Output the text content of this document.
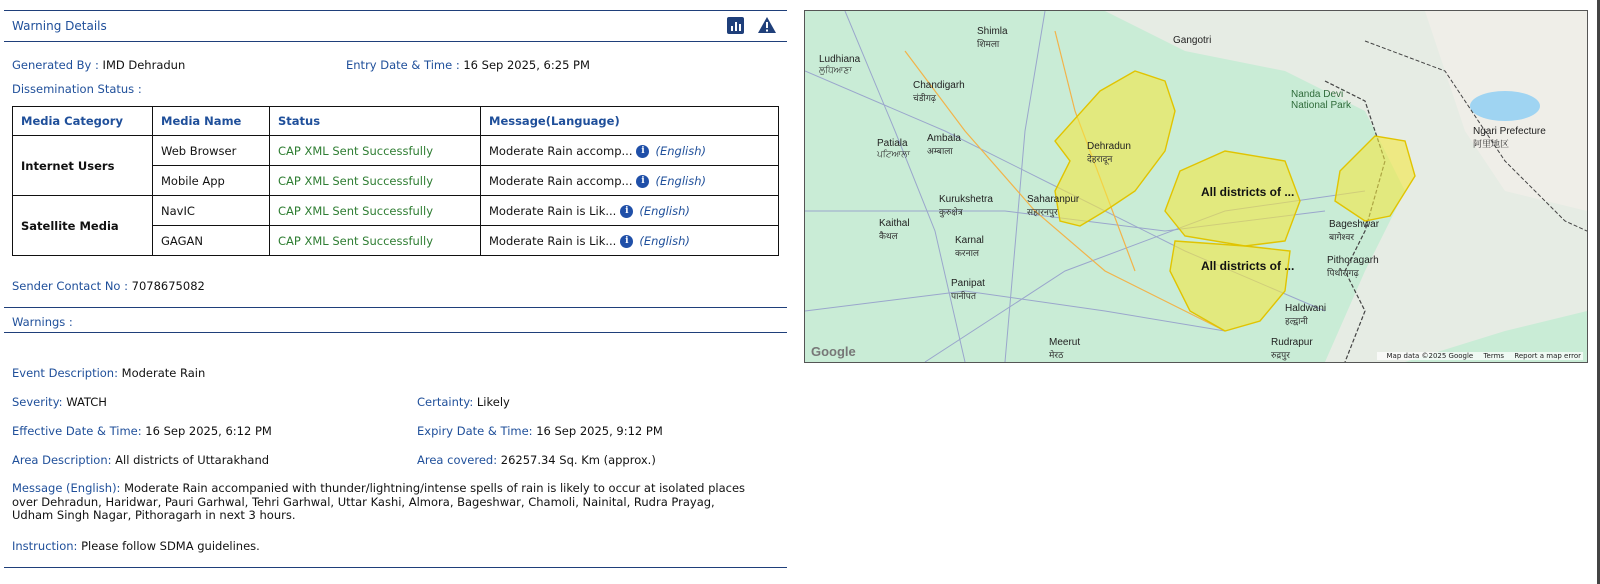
Warning Details
Generated By : IMD Dehradun	Entry Date & Time : 16 Sep 2025, 6:25 PM
Dissemination Status :
Media Category	Media Name	Status	Message(Language)
Internet Users	Web Browser	CAP XML Sent Successfully	Moderate Rain accomp... i (English)
	Mobile App	CAP XML Sent Successfully	Moderate Rain accomp... i (English)
Satellite Media	NavIC	CAP XML Sent Successfully	Moderate Rain is Lik... i (English)
	GAGAN	CAP XML Sent Successfully	Moderate Rain is Lik... i (English)
Sender Contact No : 7078675082
Warnings :
Event Description: Moderate Rain
Severity: WATCH	Certainty: Likely
Effective Date & Time: 16 Sep 2025, 6:12 PM	Expiry Date & Time: 16 Sep 2025, 9:12 PM
Area Description: All districts of Uttarakhand	Area covered: 26257.34 Sq. Km (approx.)
Message (English): Moderate Rain accompanied with thunder/lightning/intense spells of rain is likely to occur at isolated places over Dehradun, Haridwar, Pauri Garhwal, Tehri Garhwal, Uttar Kashi, Almora, Bageshwar, Chamoli, Nainital, Rudra Prayag, Udham Singh Nagar, Pithoragarh in next 3 hours.
Instruction: Please follow SDMA guidelines.
Shimla
शिमला
Ludhiana
ਲੁਧਿਆਣਾ
Chandigarh
चंडीगढ़
Patiala
ਪਟਿਆਲਾ
Ambala
अम्बाला
Kurukshetra
कुरुक्षेत्र
Kaithal
कैथल	Karnal
करनाल
Panipat
पानीपत
Saharanpur
सहारनपुर
Dehradun
देहरादून
Haldwani
हल्द्वानी
Rudrapur
रुद्रपुर
Meerut
मेरठ
Gangotri
Nanda Devi National Park
Ngari Prefecture
阿里地区
Pithoragarh
पिथौरागढ़
Bageshwar
बागेश्वर
All districts of ...
All districts of ...
Google	Map data ©2025 Google Terms Report a map error
